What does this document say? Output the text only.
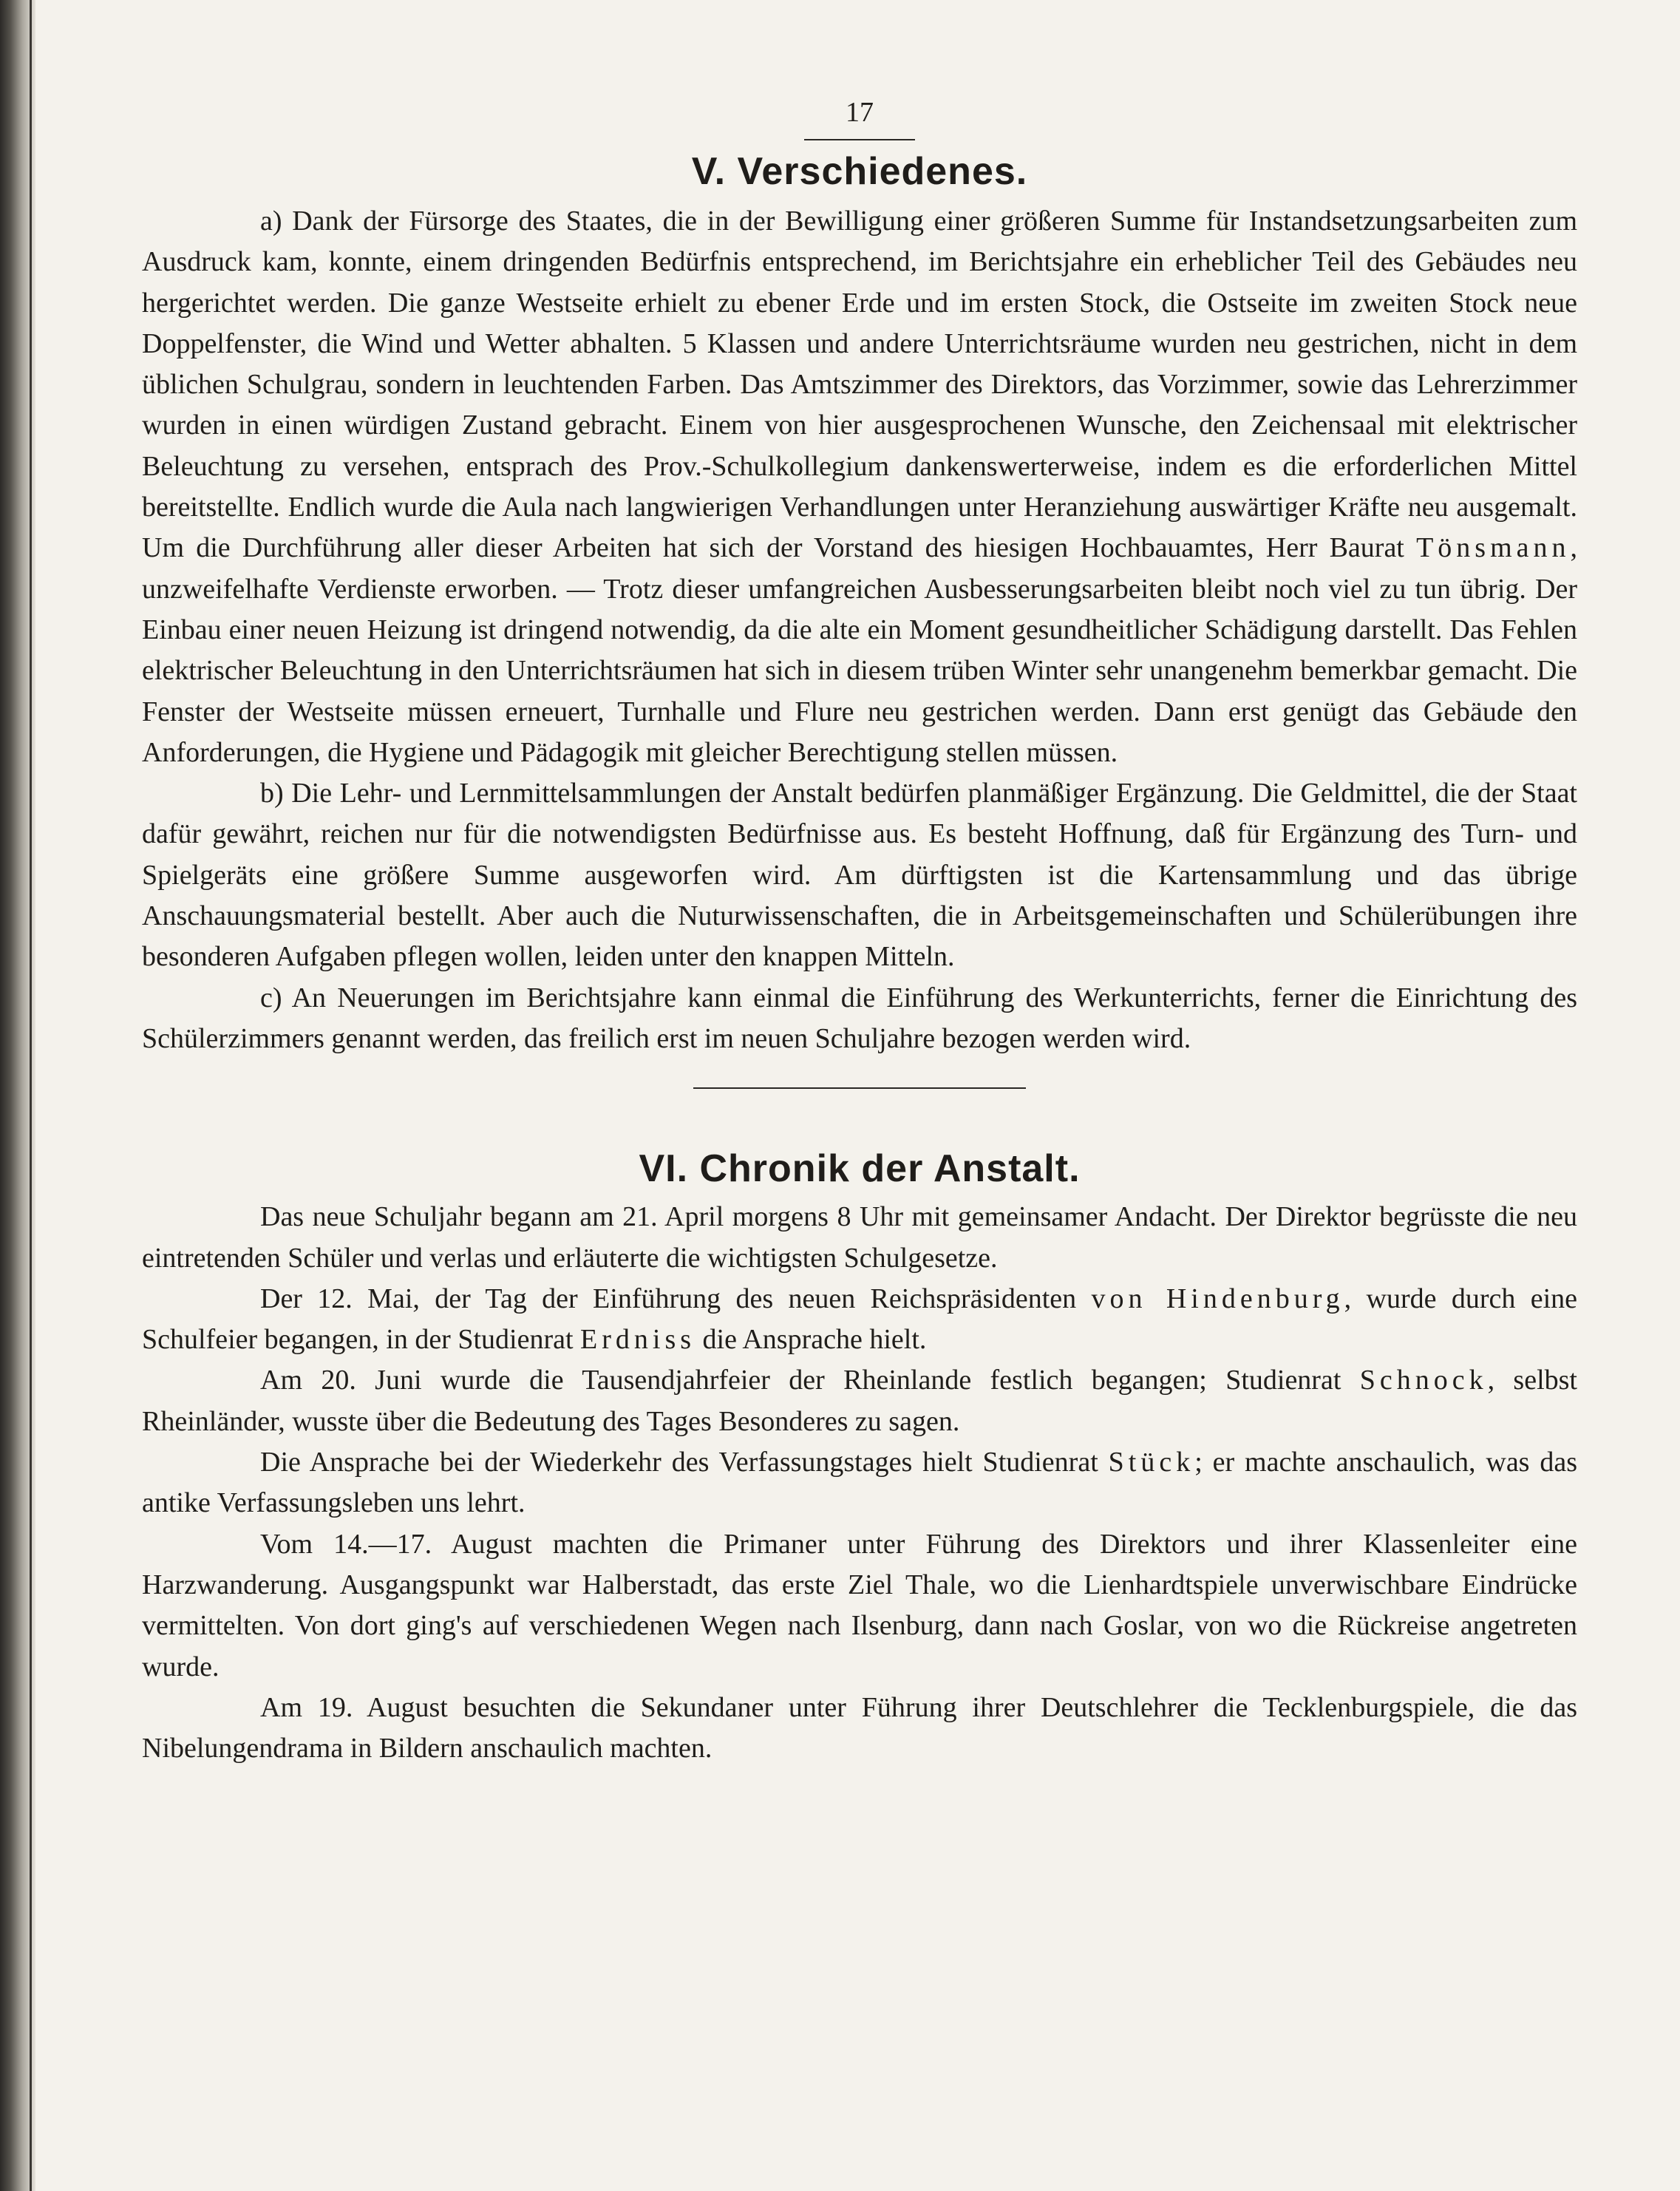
17
V. Verschiedenes.

a) Dank der Fürsorge des Staates, die in der Bewilligung einer größeren Summe für Instandsetzungsarbeiten zum Ausdruck kam, konnte, einem dringenden Bedürfnis entsprechend, im Berichtsjahre ein erheblicher Teil des Gebäudes neu hergerichtet werden. Die ganze Westseite erhielt zu ebener Erde und im ersten Stock, die Ostseite im zweiten Stock neue Doppelfenster, die Wind und Wetter abhalten. 5 Klassen und andere Unterrichtsräume wurden neu gestrichen, nicht in dem üblichen Schulgrau, sondern in leuchtenden Farben. Das Amtszimmer des Direktors, das Vorzimmer, sowie das Lehrerzimmer wurden in einen würdigen Zustand gebracht. Einem von hier ausgesprochenen Wunsche, den Zeichensaal mit elektrischer Beleuchtung zu versehen, entsprach des Prov.-Schulkollegium dankenswerterweise, indem es die erforderlichen Mittel bereitstellte. Endlich wurde die Aula nach langwierigen Verhandlungen unter Heranziehung auswärtiger Kräfte neu ausgemalt. Um die Durchführung aller dieser Arbeiten hat sich der Vorstand des hiesigen Hochbauamtes, Herr Baurat Tönsmann, unzweifelhafte Verdienste erworben. — Trotz dieser umfangreichen Ausbesserungsarbeiten bleibt noch viel zu tun übrig. Der Einbau einer neuen Heizung ist dringend notwendig, da die alte ein Moment gesundheitlicher Schädigung darstellt. Das Fehlen elektrischer Beleuchtung in den Unterrichtsräumen hat sich in diesem trüben Winter sehr unangenehm bemerkbar gemacht. Die Fenster der Westseite müssen erneuert, Turnhalle und Flure neu gestrichen werden. Dann erst genügt das Gebäude den Anforderungen, die Hygiene und Pädagogik mit gleicher Berechtigung stellen müssen.

b) Die Lehr- und Lernmittelsammlungen der Anstalt bedürfen planmäßiger Ergänzung. Die Geldmittel, die der Staat dafür gewährt, reichen nur für die notwendigsten Bedürfnisse aus. Es besteht Hoffnung, daß für Ergänzung des Turn- und Spielgeräts eine größere Summe ausgeworfen wird. Am dürftigsten ist die Kartensammlung und das übrige Anschauungsmaterial bestellt. Aber auch die Nuturwissenschaften, die in Arbeitsgemeinschaften und Schülerübungen ihre besonderen Aufgaben pflegen wollen, leiden unter den knappen Mitteln.

c) An Neuerungen im Berichtsjahre kann einmal die Einführung des Werkunterrichts, ferner die Einrichtung des Schülerzimmers genannt werden, das freilich erst im neuen Schuljahre bezogen werden wird.

VI. Chronik der Anstalt.

Das neue Schuljahr begann am 21. April morgens 8 Uhr mit gemeinsamer Andacht. Der Direktor begrüsste die neu eintretenden Schüler und verlas und erläuterte die wichtigsten Schulgesetze.

Der 12. Mai, der Tag der Einführung des neuen Reichspräsidenten von Hindenburg, wurde durch eine Schulfeier begangen, in der Studienrat Erdniss die Ansprache hielt.

Am 20. Juni wurde die Tausendjahrfeier der Rheinlande festlich begangen; Studienrat Schnock, selbst Rheinländer, wusste über die Bedeutung des Tages Besonderes zu sagen.

Die Ansprache bei der Wiederkehr des Verfassungstages hielt Studienrat Stück; er machte anschaulich, was das antike Verfassungsleben uns lehrt.

Vom 14.—17. August machten die Primaner unter Führung des Direktors und ihrer Klassenleiter eine Harzwanderung. Ausgangspunkt war Halberstadt, das erste Ziel Thale, wo die Lienhardtspiele unverwischbare Eindrücke vermittelten. Von dort ging's auf verschiedenen Wegen nach Ilsenburg, dann nach Goslar, von wo die Rückreise angetreten wurde.

Am 19. August besuchten die Sekundaner unter Führung ihrer Deutschlehrer die Tecklenburgspiele, die das Nibelungendrama in Bildern anschaulich machten.
